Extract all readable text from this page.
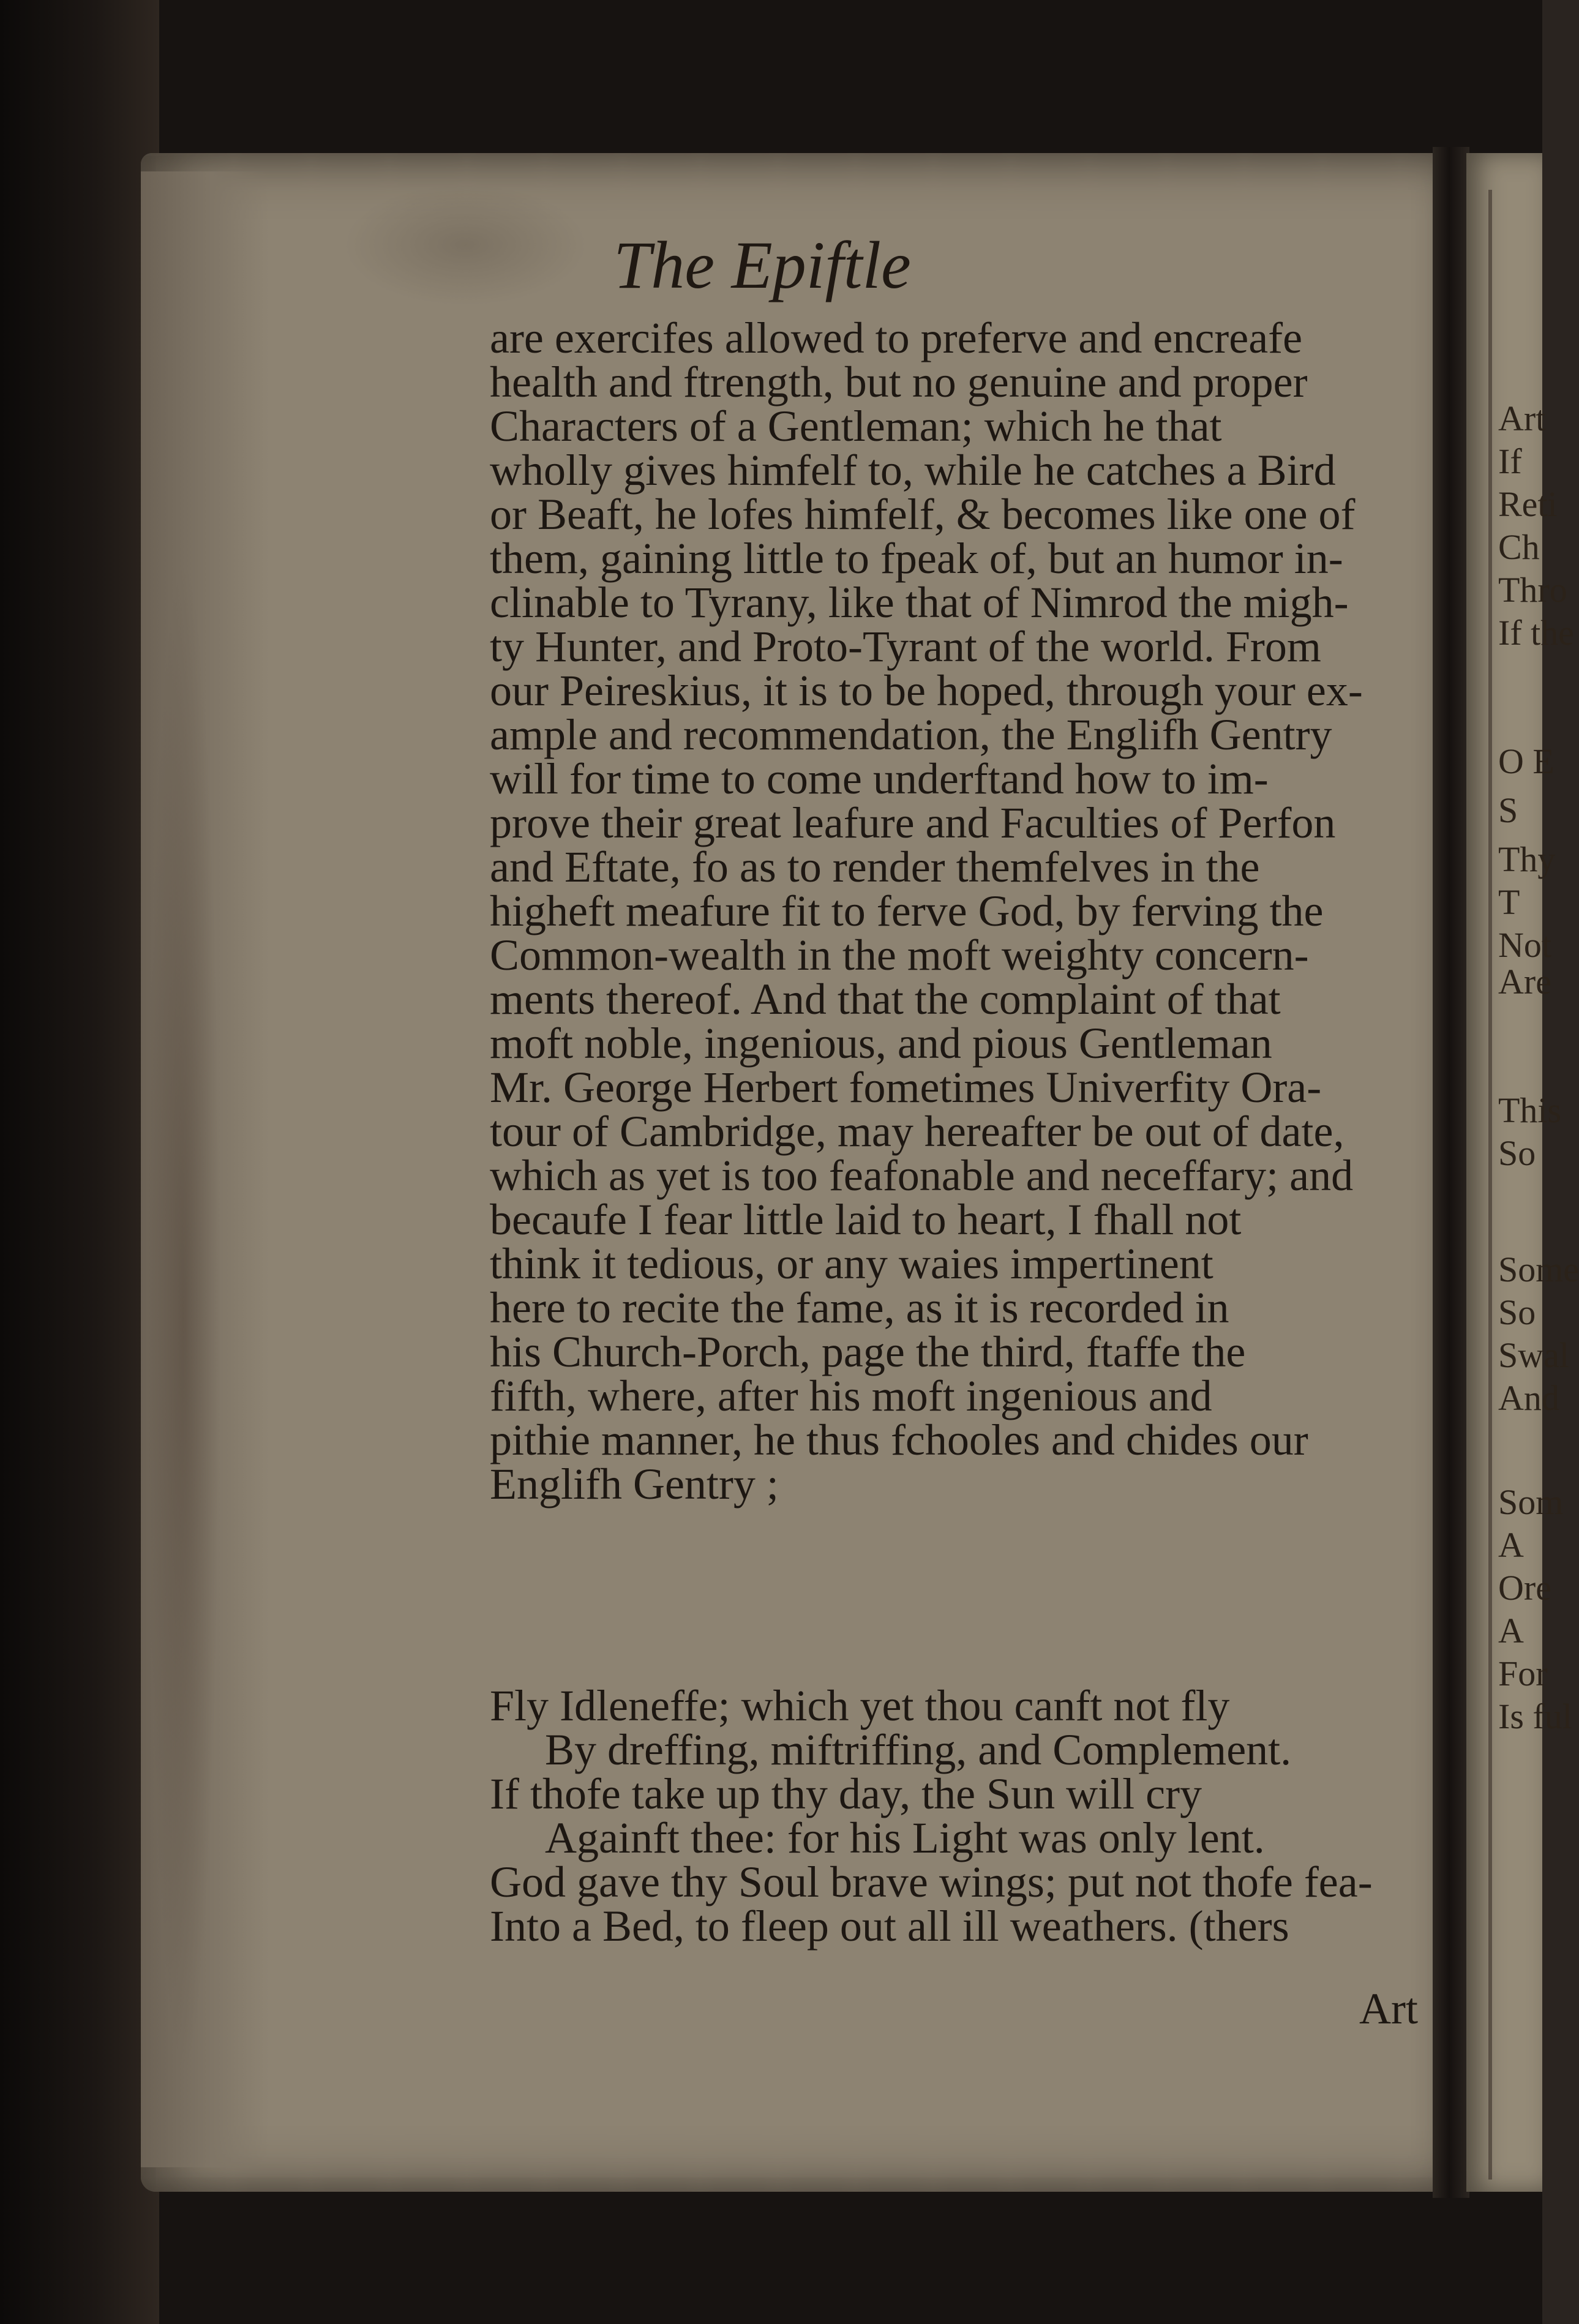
Art
If
Reti
Ch
Thro
If the
O E
S
Thy
T
Not
Are
This
So
Some
So
Swal
And
Som
A
Ore
A
For
Is ful
The Epiftle
are exercifes allowed to preferve and encreafe
health and ftrength, but no genuine and proper
Characters of a Gentleman; which he that
wholly gives himfelf to, while he catches a Bird
or Beaft, he lofes himfelf, & becomes like one of
them, gaining little to fpeak of, but an humor in-
clinable to Tyrany, like that of Nimrod the migh-
ty Hunter, and Proto-Tyrant of the world. From
our Peireskius, it is to be hoped, through your ex-
ample and recommendation, the Englifh Gentry
will for time to come underftand how to im-
prove their great leafure and Faculties of Perfon
and Eftate, fo as to render themfelves in the
higheft meafure fit to ferve God, by ferving the
Common-wealth in the moft weighty concern-
ments thereof. And that the complaint of that
moft noble, ingenious, and pious Gentleman
Mr. George Herbert fometimes Univerfity Ora-
tour of Cambridge, may hereafter be out of date,
which as yet is too feafonable and neceffary; and
becaufe I fear little laid to heart, I fhall not
think it tedious, or any waies impertinent
here to recite the fame, as it is recorded in
his Church-Porch, page the third, ftaffe the
fifth, where, after his moft ingenious and
pithie manner, he thus fchooles and chides our
Englifh Gentry ;
Fly Idleneffe; which yet thou canft not fly
By dreffing, miftriffing, and Complement.
If thofe take up thy day, the Sun will cry
Againft thee: for his Light was only lent.
God gave thy Soul brave wings; put not thofe fea-
Into a Bed, to fleep out all ill weathers. (thers
Art
